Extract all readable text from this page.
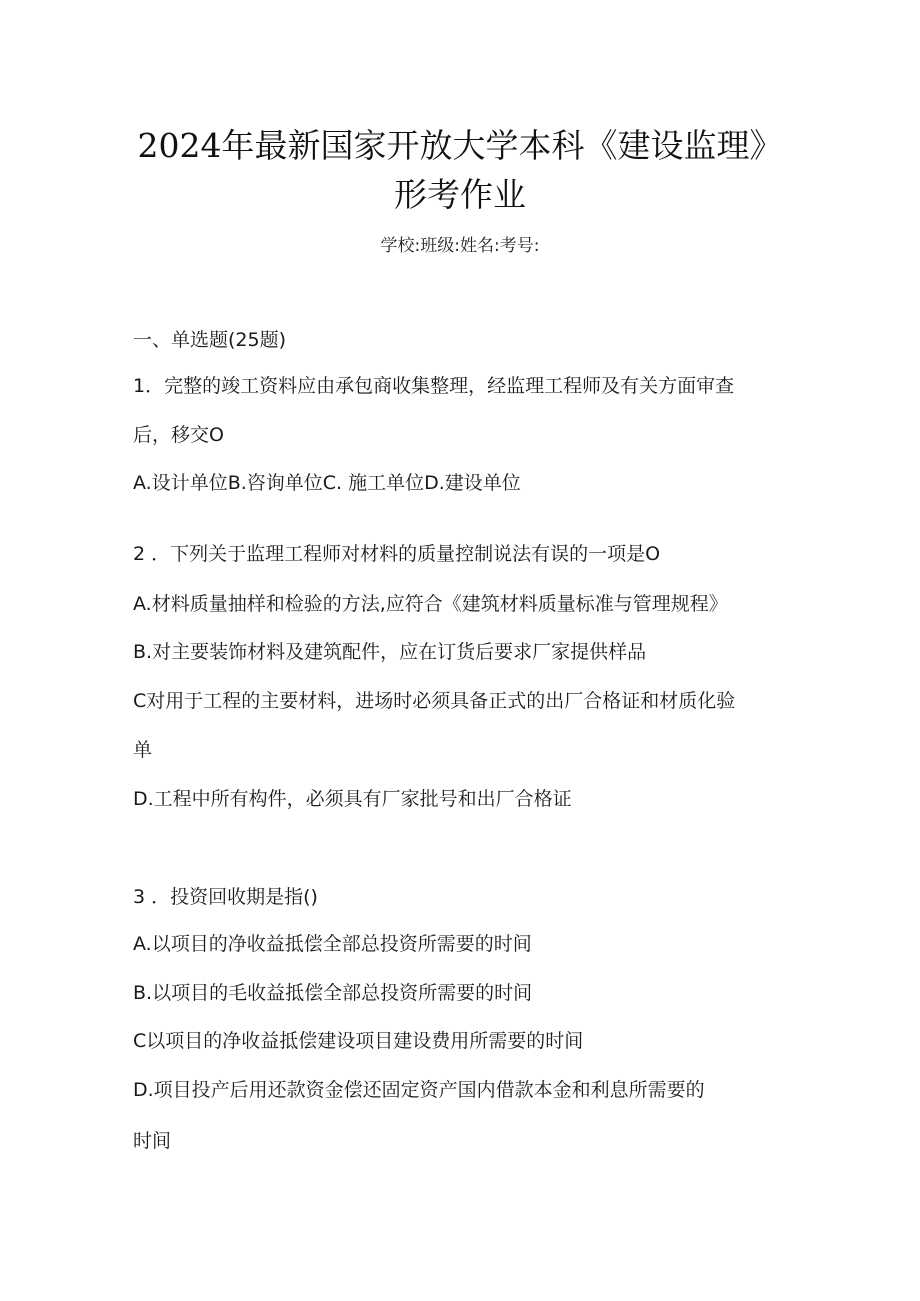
2024年最新国家开放大学本科《建设监理》
形考作业
学校:班级:姓名:考号:
一、单选题(25题)
1．完整的竣工资料应由承包商收集整理，经监理工程师及有关方面审查
后，移交O
A.设计单位B.咨询单位C. 施工单位D.建设单位
2 ．下列关于监理工程师对材料的质量控制说法有误的一项是O
A.材料质量抽样和检验的方法,应符合《建筑材料质量标准与管理规程》
B.对主要装饰材料及建筑配件，应在订货后要求厂家提供样品
C对用于工程的主要材料，进场时必须具备正式的出厂合格证和材质化验
单
D.工程中所有构件，必须具有厂家批号和出厂合格证
3 ．投资回收期是指()
A.以项目的净收益抵偿全部总投资所需要的时间
B.以项目的毛收益抵偿全部总投资所需要的时间
C以项目的净收益抵偿建设项目建设费用所需要的时间
D.项目投产后用还款资金偿还固定资产国内借款本金和利息所需要的
时间
